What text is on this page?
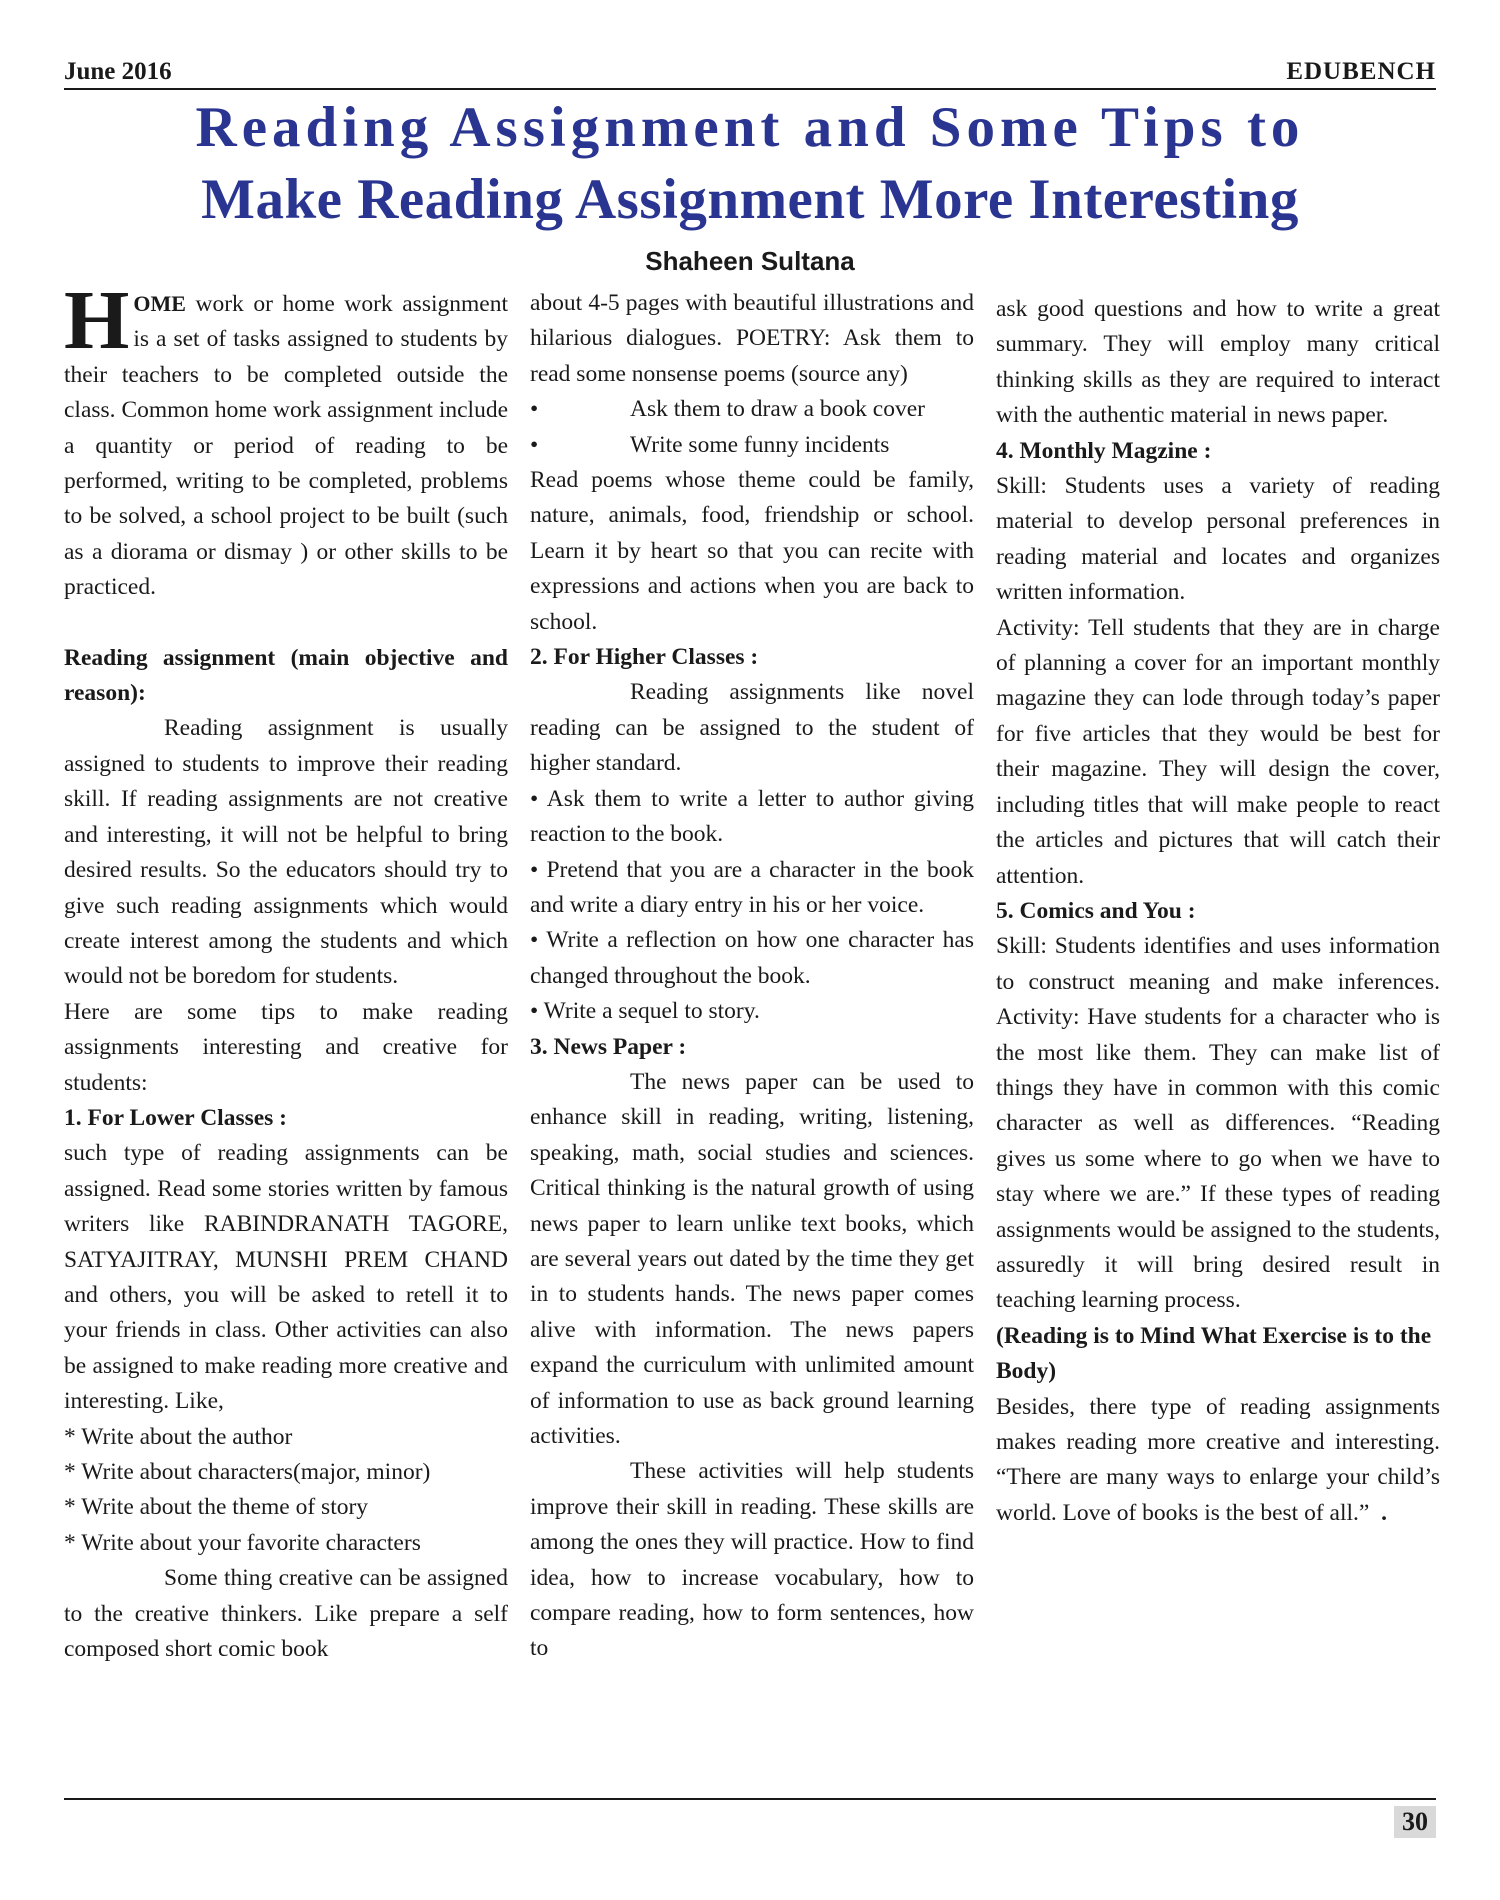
June 2016	EDUBENCH
Reading Assignment and Some Tips to
Make Reading Assignment More Interesting
Shaheen Sultana

HOME work or home work assignment is a set of tasks assigned to students by their teachers to be completed outside the class. Common home work assignment include a quantity or period of reading to be performed, writing to be completed, problems to be solved, a school project to be built (such as a diorama or dismay ) or other skills to be practiced.

Reading assignment (main objective and reason):

Reading assignment is usually assigned to students to improve their reading skill. If reading assignments are not creative and interesting, it will not be helpful to bring desired results. So the educators should try to give such reading assignments which would create interest among the students and which would not be boredom for students.

Here are some tips to make reading assignments interesting and creative for students:

1. For Lower Classes :

such type of reading assignments can be assigned. Read some stories written by famous writers like RABINDRANATH TAGORE, SATYAJITRAY, MUNSHI PREM CHAND and others, you will be asked to retell it to your friends in class. Other activities can also be assigned to make reading more creative and interesting. Like,

* Write about the author

* Write about characters(major, minor)

* Write about the theme of story

* Write about your favorite characters

Some thing creative can be assigned to the creative thinkers. Like prepare a self composed short comic book

about 4-5 pages with beautiful illustrations and hilarious dialogues. POETRY: Ask them to read some nonsense poems (source any)

•	Ask them to draw a book cover

•	Write some funny incidents

Read poems whose theme could be family, nature, animals, food, friendship or school. Learn it by heart so that you can recite with expressions and actions when you are back to school.

2. For Higher Classes :

Reading assignments like novel reading can be assigned to the student of higher standard.

• Ask them to write a letter to author giving reaction to the book.

• Pretend that you are a character in the book and write a diary entry in his or her voice.

• Write a reflection on how one character has changed throughout the book.

• Write a sequel to story.

3. News Paper :

The news paper can be used to enhance skill in reading, writing, listening, speaking, math, social studies and sciences. Critical thinking is the natural growth of using news paper to learn unlike text books, which are several years out dated by the time they get in to students hands. The news paper comes alive with information. The news papers expand the curriculum with unlimited amount of information to use as back ground learning activities.

These activities will help students improve their skill in reading. These skills are among the ones they will practice. How to find idea, how to increase vocabulary, how to compare reading, how to form sentences, how to

ask good questions and how to write a great summary. They will employ many critical thinking skills as they are required to interact with the authentic material in news paper.

4. Monthly Magzine :

Skill: Students uses a variety of reading material to develop personal preferences in reading material and locates and organizes written information.

Activity: Tell students that they are in charge of planning a cover for an important monthly magazine they can lode through today’s paper for five articles that they would be best for their magazine. They will design the cover, including titles that will make people to react the articles and pictures that will catch their attention.

5. Comics and You :

Skill: Students identifies and uses information to construct meaning and make inferences. Activity: Have students for a character who is the most like them. They can make list of things they have in common with this comic character as well as differences. “Reading gives us some where to go when we have to stay where we are.” If these types of reading assignments would be assigned to the students, assuredly it will bring desired result in teaching learning process.

(Reading is to Mind What Exercise is to the Body)

Besides, there type of reading assignments makes reading more creative and interesting. “There are many ways to enlarge your child’s world. Love of books is the best of all.” .

30
